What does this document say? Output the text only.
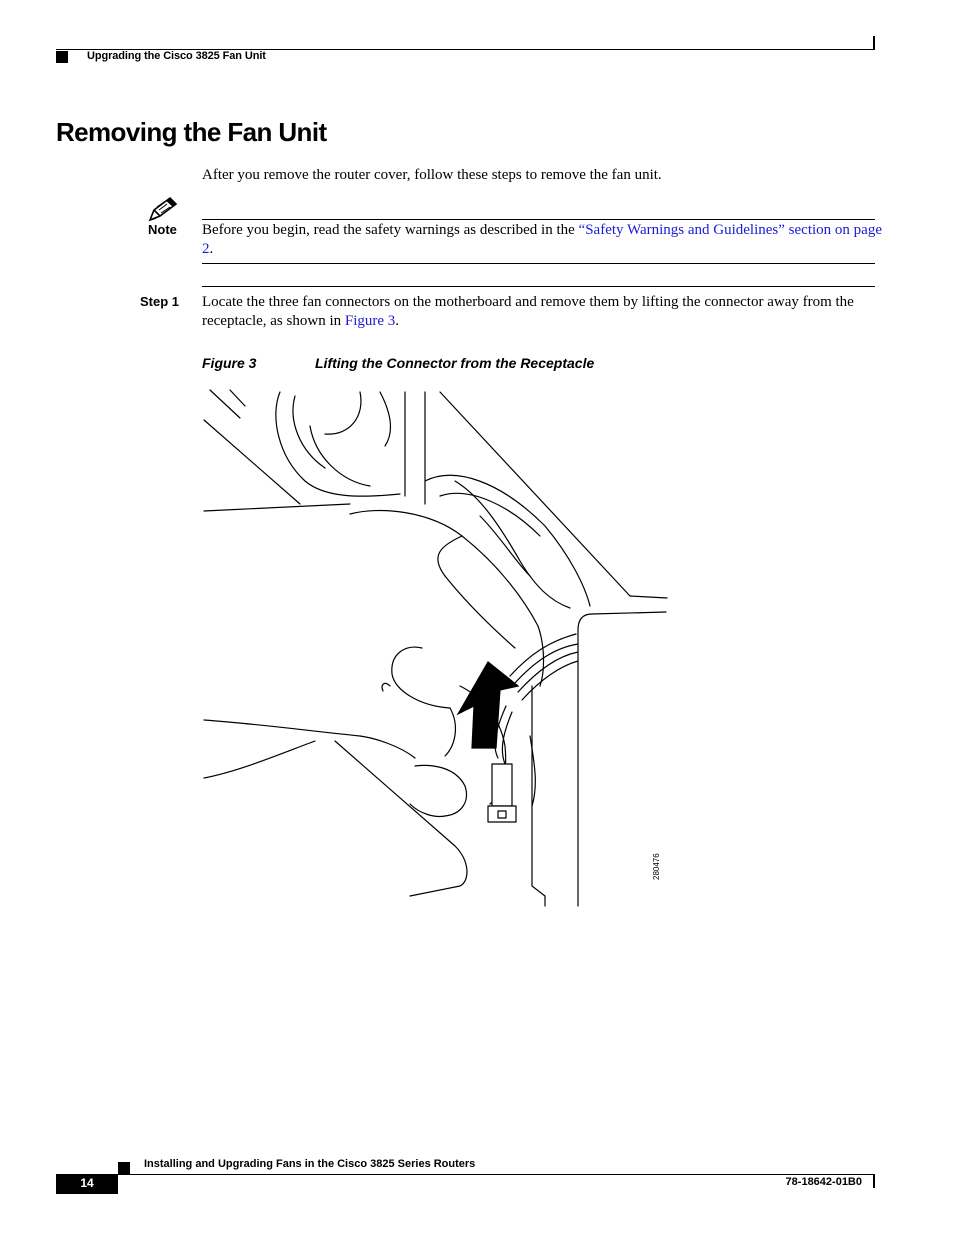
Upgrading the Cisco 3825 Fan Unit
Removing the Fan Unit
After you remove the router cover, follow these steps to remove the fan unit.
Note Before you begin, read the safety warnings as described in the “Safety Warnings and Guidelines” section on page 2.
Step 1 Locate the three fan connectors on the motherboard and remove them by lifting the connector away from the receptacle, as shown in Figure 3.
Figure 3	Lifting the Connector from the Receptacle
280476
Installing and Upgrading Fans in the Cisco 3825 Series Routers
14	78-18642-01B0
